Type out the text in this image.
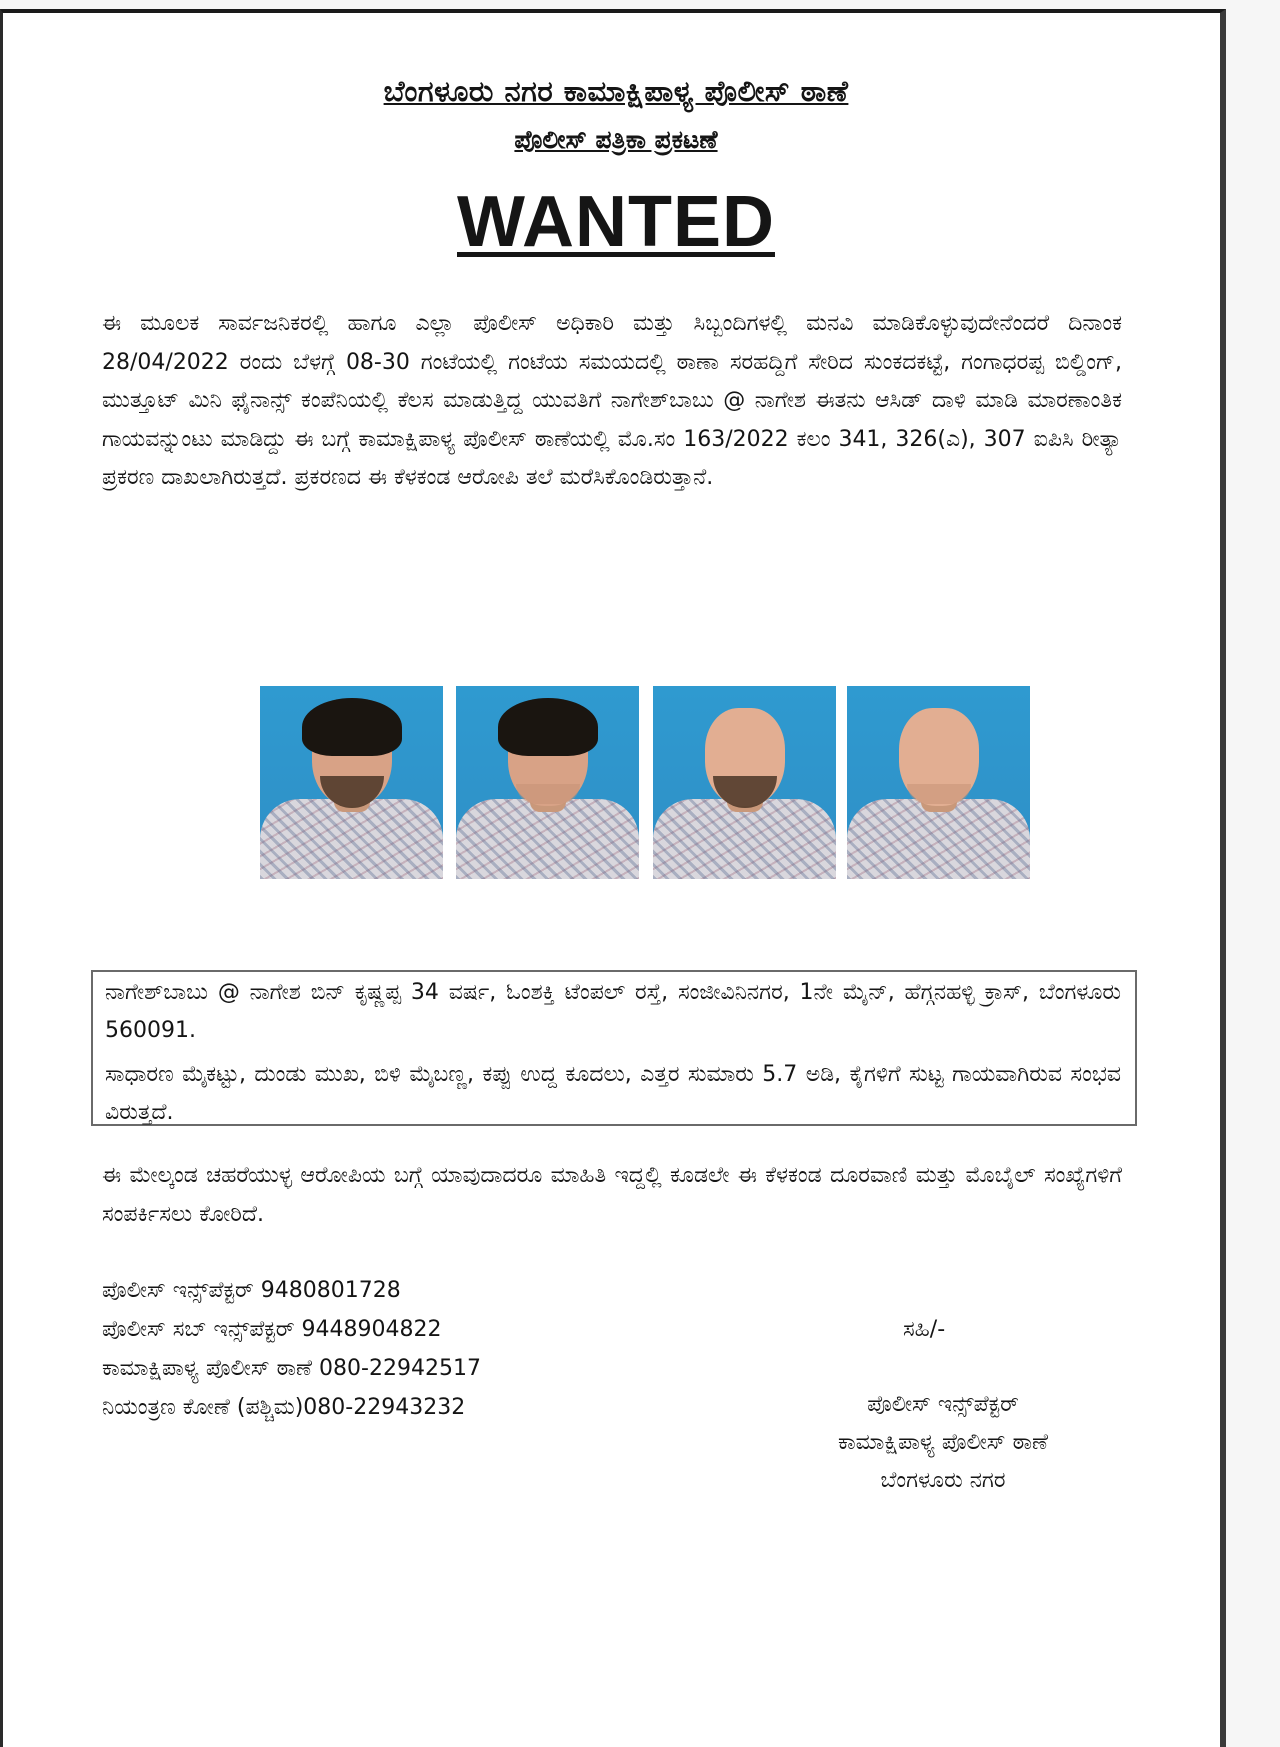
ಬೆಂಗಳೂರು ನಗರ ಕಾಮಾಕ್ಷಿಪಾಳ್ಯ ಪೊಲೀಸ್ ಠಾಣೆ
ಪೊಲೀಸ್ ಪತ್ರಿಕಾ ಪ್ರಕಟಣೆ
WANTED
ಈ ಮೂಲಕ ಸಾರ್ವಜನಿಕರಲ್ಲಿ ಹಾಗೂ ಎಲ್ಲಾ ಪೊಲೀಸ್ ಅಧಿಕಾರಿ ಮತ್ತು ಸಿಬ್ಬಂದಿಗಳಲ್ಲಿ ಮನವಿ ಮಾಡಿಕೊಳ್ಳುವುದೇನೆಂದರೆ ದಿನಾಂಕ 28/04/2022 ರಂದು ಬೆಳಗ್ಗೆ 08-30 ಗಂಟೆಯಲ್ಲಿ ಗಂಟೆಯ ಸಮಯದಲ್ಲಿ ಠಾಣಾ ಸರಹದ್ದಿಗೆ ಸೇರಿದ ಸುಂಕದಕಟ್ಟೆ, ಗಂಗಾಧರಪ್ಪ ಬಿಲ್ಡಿಂಗ್, ಮುತ್ತೂಟ್ ಮಿನಿ ಫೈನಾನ್ಸ್ ಕಂಪೆನಿಯಲ್ಲಿ ಕೆಲಸ ಮಾಡುತ್ತಿದ್ದ ಯುವತಿಗೆ ನಾಗೇಶ್‌ಬಾಬು @ ನಾಗೇಶ ಈತನು ಆಸಿಡ್ ದಾಳಿ ಮಾಡಿ ಮಾರಣಾಂತಿಕ ಗಾಯವನ್ನುಂಟು ಮಾಡಿದ್ದು ಈ ಬಗ್ಗೆ ಕಾಮಾಕ್ಷಿಪಾಳ್ಯ ಪೊಲೀಸ್ ಠಾಣೆಯಲ್ಲಿ ಮೊ.ಸಂ 163/2022 ಕಲಂ 341, 326(ಎ), 307 ಐಪಿಸಿ ರೀತ್ಯಾ ಪ್ರಕರಣ ದಾಖಲಾಗಿರುತ್ತದೆ. ಪ್ರಕರಣದ ಈ ಕೆಳಕಂಡ ಆರೋಪಿ ತಲೆ ಮರೆಸಿಕೊಂಡಿರುತ್ತಾನೆ.
ನಾಗೇಶ್‌ಬಾಬು @ ನಾಗೇಶ ಬಿನ್ ಕೃಷ್ಣಪ್ಪ 34 ವರ್ಷ, ಓಂಶಕ್ತಿ ಟೆಂಪಲ್ ರಸ್ತೆ, ಸಂಜೀವಿನಿನಗರ, 1ನೇ ಮೈನ್, ಹೆಗ್ಗನಹಳ್ಳಿ ಕ್ರಾಸ್, ಬೆಂಗಳೂರು 560091.
ಸಾಧಾರಣ ಮೈಕಟ್ಟು, ದುಂಡು ಮುಖ, ಬಿಳಿ ಮೈಬಣ್ಣ, ಕಪ್ಪು ಉದ್ದ ಕೂದಲು, ಎತ್ತರ ಸುಮಾರು 5.7 ಅಡಿ, ಕೈಗಳಿಗೆ ಸುಟ್ಟ ಗಾಯವಾಗಿರುವ ಸಂಭವ ವಿರುತ್ತದೆ.
ಈ ಮೇಲ್ಕಂಡ ಚಹರೆಯುಳ್ಳ ಆರೋಪಿಯ ಬಗ್ಗೆ ಯಾವುದಾದರೂ ಮಾಹಿತಿ ಇದ್ದಲ್ಲಿ ಕೂಡಲೇ ಈ ಕೆಳಕಂಡ ದೂರವಾಣಿ ಮತ್ತು ಮೊಬೈಲ್ ಸಂಖ್ಯೆಗಳಿಗೆ ಸಂಪರ್ಕಿಸಲು ಕೋರಿದೆ.
ಪೊಲೀಸ್ ಇನ್ಸ್‌ಪೆಕ್ಟರ್ 9480801728
ಪೊಲೀಸ್ ಸಬ್ ಇನ್ಸ್‌ಪೆಕ್ಟರ್ 9448904822
ಕಾಮಾಕ್ಷಿಪಾಳ್ಯ ಪೊಲೀಸ್ ಠಾಣೆ 080-22942517
ನಿಯಂತ್ರಣ ಕೋಣೆ (ಪಶ್ಚಿಮ)080-22943232
ಸಹಿ/-
ಪೊಲೀಸ್ ಇನ್ಸ್‌ಪೆಕ್ಟರ್
ಕಾಮಾಕ್ಷಿಪಾಳ್ಯ ಪೊಲೀಸ್ ಠಾಣೆ
ಬೆಂಗಳೂರು ನಗರ
